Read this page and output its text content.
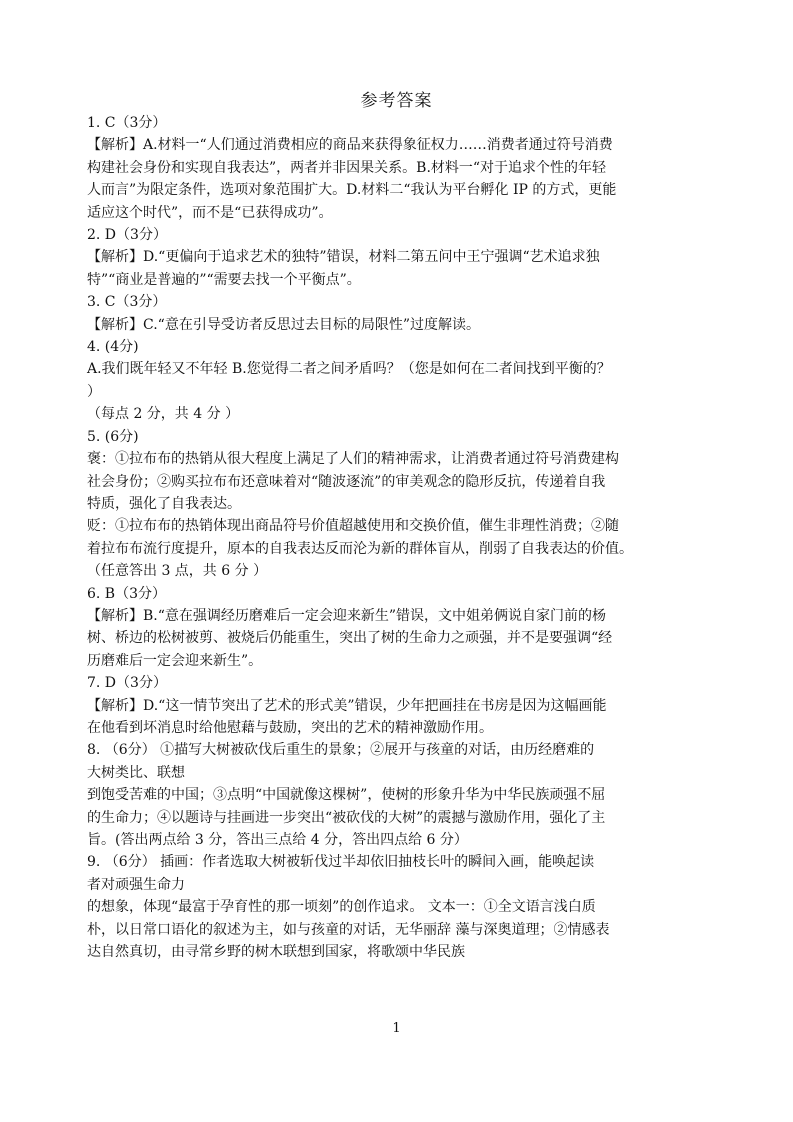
参考答案
1. C（3分）
【解析】A.材料一“人们通过消费相应的商品来获得象征权力……消费者通过符号消费
构建社会身份和实现自我表达”，两者并非因果关系。B.材料一“对于追求个性的年轻
人而言”为限定条件，选项对象范围扩大。D.材料二“我认为平台孵化 IP 的方式，更能
适应这个时代”，而不是“已获得成功”。
2. D（3分）
【解析】D.“更偏向于追求艺术的独特”错误，材料二第五问中王宁强调“艺术追求独
特”“商业是普遍的”“需要去找一个平衡点”。
3. C（3分）
【解析】C.“意在引导受访者反思过去目标的局限性”过度解读。
4. (4分)
A.我们既年轻又不年轻 B.您觉得二者之间矛盾吗？（您是如何在二者间找到平衡的？
）
（每点 2 分，共 4 分 ）
5. (6分)
褒：①拉布布的热销从很大程度上满足了人们的精神需求，让消费者通过符号消费建构
社会身份；②购买拉布布还意味着对“随波逐流”的审美观念的隐形反抗，传递着自我
特质，强化了自我表达。
贬：①拉布布的热销体现出商品符号价值超越使用和交换价值，催生非理性消费；②随
着拉布布流行度提升，原本的自我表达反而沦为新的群体盲从，削弱了自我表达的价值。
（任意答出 3 点，共 6 分 ）
6. B（3分）
【解析】B.“意在强调经历磨难后一定会迎来新生”错误，文中姐弟俩说自家门前的杨
树、桥边的松树被剪、被烧后仍能重生，突出了树的生命力之顽强，并不是要强调“经
历磨难后一定会迎来新生”。
7. D（3分）
【解析】D.“这一情节突出了艺术的形式美”错误，少年把画挂在书房是因为这幅画能
在他看到坏消息时给他慰藉与鼓励，突出的艺术的精神激励作用。
8. （6分） ①描写大树被砍伐后重生的景象；②展开与孩童的对话，由历经磨难的
大树类比、联想
到饱受苦难的中国；③点明“中国就像这棵树”，使树的形象升华为中华民族顽强不屈
的生命力；④以题诗与挂画进一步突出“被砍伐的大树”的震撼与激励作用，强化了主
旨。(答出两点给 3 分，答出三点给 4 分，答出四点给 6 分）
9. （6分） 插画：作者选取大树被斩伐过半却依旧抽枝长叶的瞬间入画，能唤起读
者对顽强生命力
的想象，体现“最富于孕育性的那一顷刻”的创作追求。 文本一：①全文语言浅白质
朴，以日常口语化的叙述为主，如与孩童的对话，无华丽辞 藻与深奥道理；②情感表
达自然真切，由寻常乡野的树木联想到国家，将歌颂中华民族
1
